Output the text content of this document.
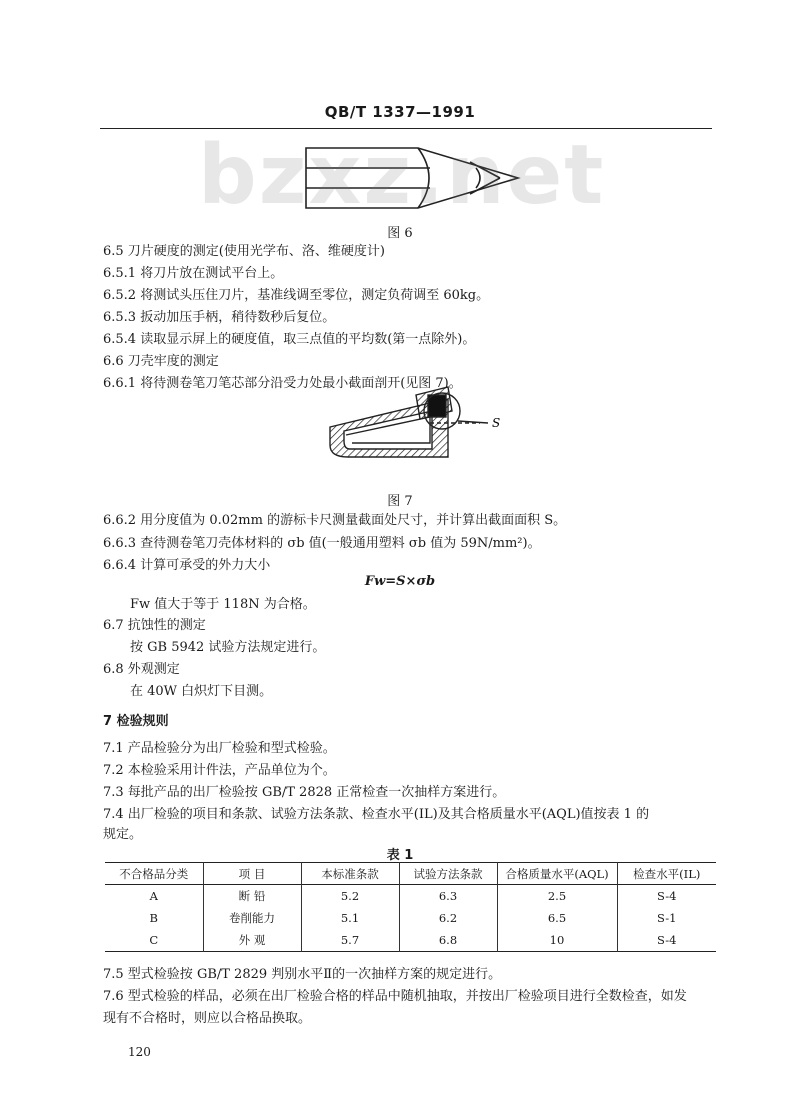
QB/T 1337—1991
bzxz.net
图 6
6.5 刀片硬度的测定(使用光学布、洛、维硬度计)
6.5.1 将刀片放在测试平台上。
6.5.2 将测试头压住刀片，基准线调至零位，测定负荷调至 60kg。
6.5.3 扳动加压手柄，稍待数秒后复位。
6.5.4 读取显示屏上的硬度值，取三点值的平均数(第一点除外)。
6.6 刀壳牢度的测定
6.6.1 将待测卷笔刀笔芯部分沿受力处最小截面剖开(见图 7)。
S
图 7
6.6.2 用分度值为 0.02mm 的游标卡尺测量截面处尺寸，并计算出截面面积 S。
6.6.3 查待测卷笔刀壳体材料的 σb 值(一般通用塑料 σb 值为 59N/mm²)。
6.6.4 计算可承受的外力大小
Fw=S×σb
Fw 值大于等于 118N 为合格。
6.7 抗蚀性的测定
按 GB 5942 试验方法规定进行。
6.8 外观测定
在 40W 白炽灯下目测。
7 检验规则
7.1 产品检验分为出厂检验和型式检验。
7.2 本检验采用计件法，产品单位为个。
7.3 每批产品的出厂检验按 GB/T 2828 正常检查一次抽样方案进行。
7.4 出厂检验的项目和条款、试验方法条款、检查水平(IL)及其合格质量水平(AQL)值按表 1 的
规定。
表 1
不合格品分类	项 目	本标准条款	试验方法条款	合格质量水平(AQL)	检查水平(IL)
A	断 铅	5.2	6.3	2.5	S-4
B	卷削能力	5.1	6.2	6.5	S-1
C	外 观	5.7	6.8	10	S-4
7.5 型式检验按 GB/T 2829 判别水平Ⅱ的一次抽样方案的规定进行。
7.6 型式检验的样品，必须在出厂检验合格的样品中随机抽取，并按出厂检验项目进行全数检查，如发
现有不合格时，则应以合格品换取。
120
